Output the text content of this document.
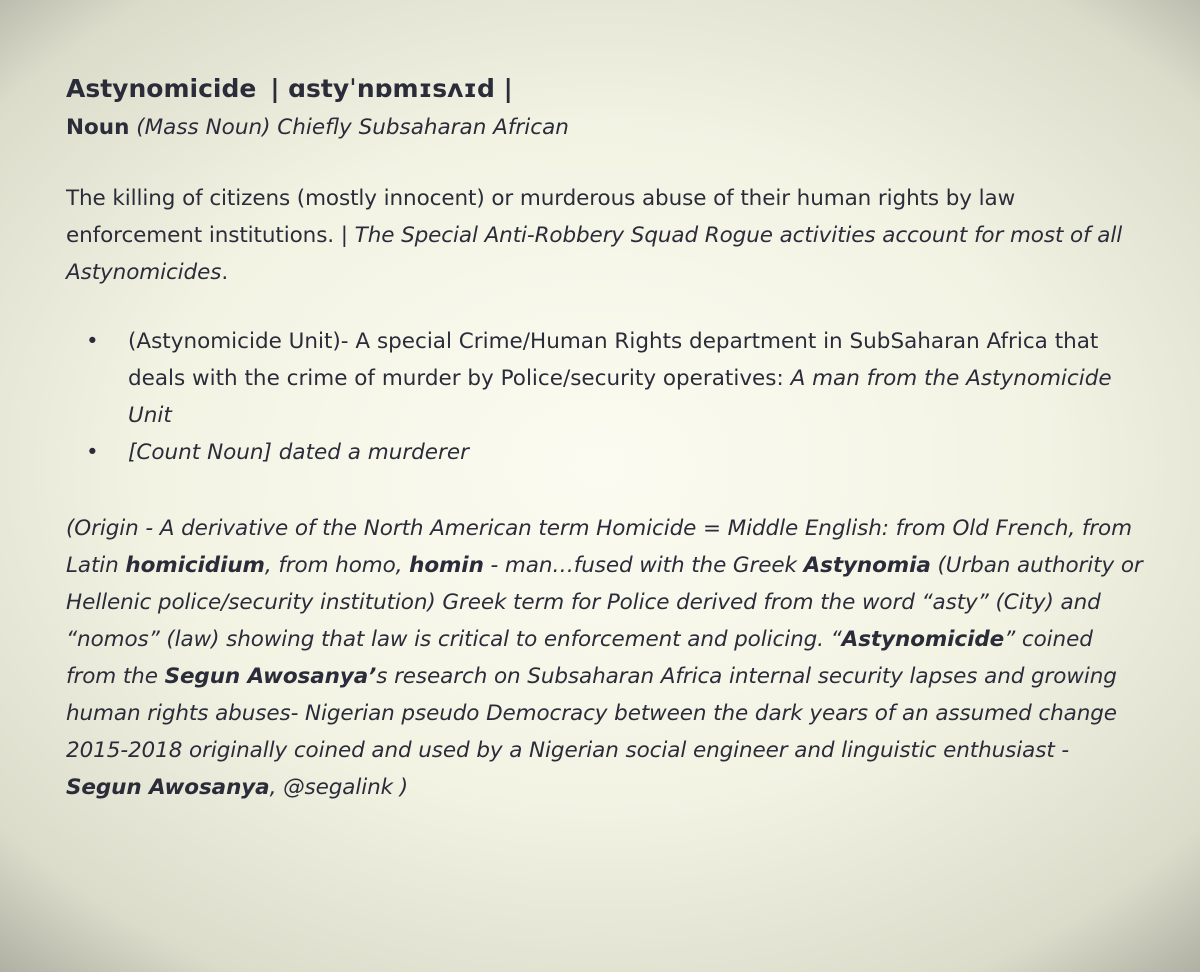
Astynomicide | ɑstyˈnɒmɪsʌɪd |
Noun (Mass Noun) Chiefly Subsaharan African
The killing of citizens (mostly innocent) or murderous abuse of their human rights by law enforcement institutions. | The Special Anti-Robbery Squad Rogue activities account for most of all Astynomicides.
• (Astynomicide Unit)- A special Crime/Human Rights department in SubSaharan Africa that deals with the crime of murder by Police/security operatives: A man from the Astynomicide Unit
• [Count Noun] dated a murderer
(Origin - A derivative of the North American term Homicide = Middle English: from Old French, from Latin homicidium, from homo, homin - man…fused with the Greek Astynomia (Urban authority or Hellenic police/security institution) Greek term for Police derived from the word “asty” (City) and “nomos” (law) showing that law is critical to enforcement and policing. “Astynomicide” coined from the Segun Awosanya’s research on Subsaharan Africa internal security lapses and growing human rights abuses- Nigerian pseudo Democracy between the dark years of an assumed change 2015-2018 originally coined and used by a Nigerian social engineer and linguistic enthusiast - Segun Awosanya, @segalink )
